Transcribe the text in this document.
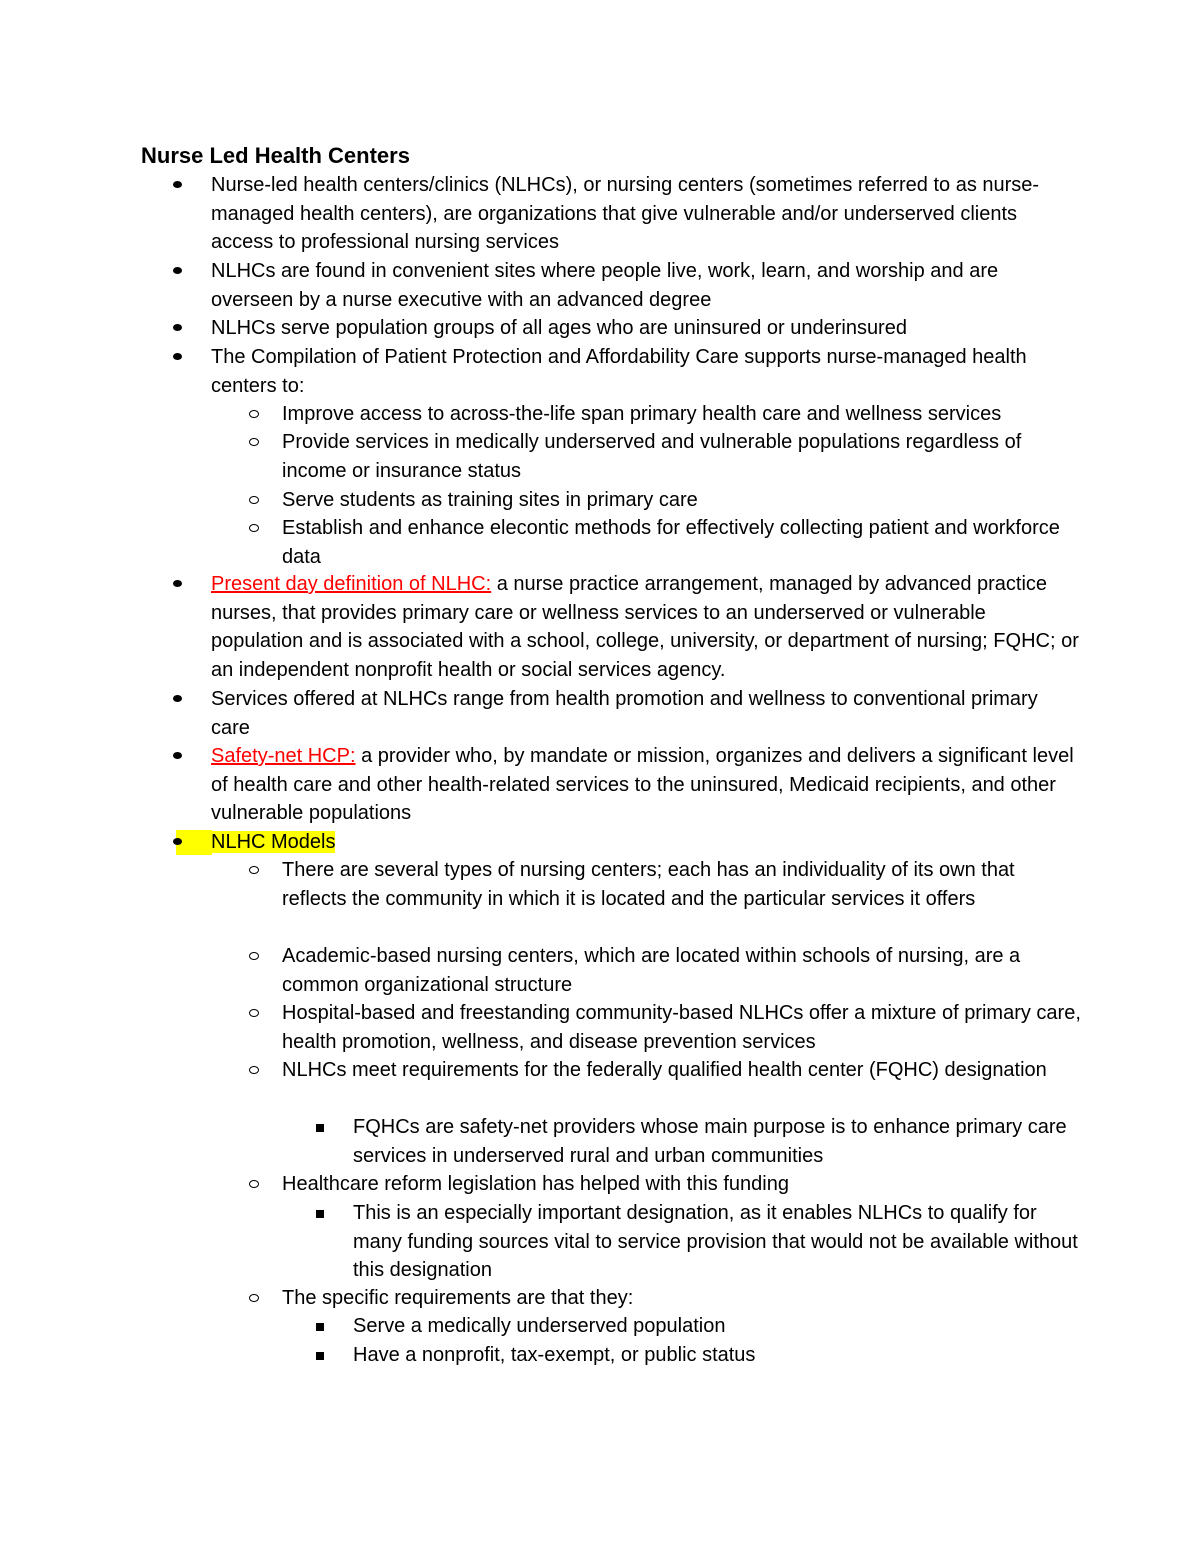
Nurse Led Health Centers
Nurse-led health centers/clinics (NLHCs), or nursing centers (sometimes referred to as nurse-managed health centers), are organizations that give vulnerable and/or underserved clients access to professional nursing services
NLHCs are found in convenient sites where people live, work, learn, and worship and are overseen by a nurse executive with an advanced degree
NLHCs serve population groups of all ages who are uninsured or underinsured
The Compilation of Patient Protection and Affordability Care supports nurse-managed health centers to:
Improve access to across-the-life span primary health care and wellness services
Provide services in medically underserved and vulnerable populations regardless of income or insurance status
Serve students as training sites in primary care
Establish and enhance elecontic methods for effectively collecting patient and workforce data
Present day definition of NLHC: a nurse practice arrangement, managed by advanced practice nurses, that provides primary care or wellness services to an underserved or vulnerable population and is associated with a school, college, university, or department of nursing; FQHC; or an independent nonprofit health or social services agency.
Services offered at NLHCs range from health promotion and wellness to conventional primary care
Safety-net HCP: a provider who, by mandate or mission, organizes and delivers a significant level of health care and other health-related services to the uninsured, Medicaid recipients, and other vulnerable populations
NLHC Models
There are several types of nursing centers; each has an individuality of its own that reflects the community in which it is located and the particular services it offers
Academic-based nursing centers, which are located within schools of nursing, are a common organizational structure
Hospital-based and freestanding community-based NLHCs offer a mixture of primary care, health promotion, wellness, and disease prevention services
NLHCs meet requirements for the federally qualified health center (FQHC) designation
FQHCs are safety-net providers whose main purpose is to enhance primary care services in underserved rural and urban communities
Healthcare reform legislation has helped with this funding
This is an especially important designation, as it enables NLHCs to qualify for many funding sources vital to service provision that would not be available without this designation
The specific requirements are that they:
Serve a medically underserved population
Have a nonprofit, tax-exempt, or public status
